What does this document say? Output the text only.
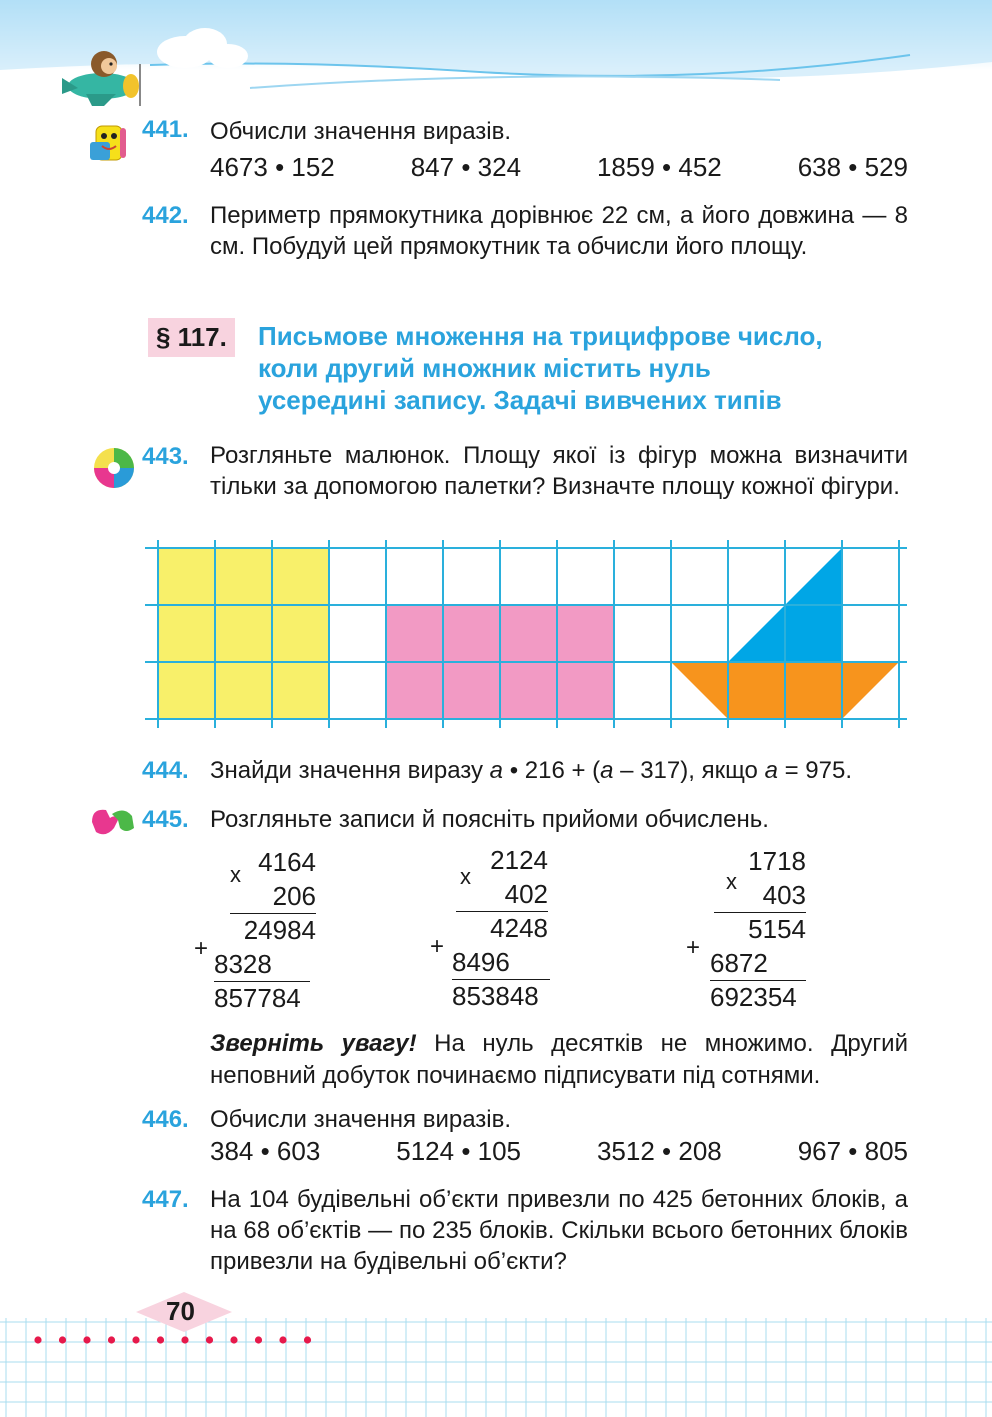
441. Обчисли значення виразів.
4673 • 152	847 • 324	1859 • 452	638 • 529
442. Периметр прямокутника дорівнює 22 см, а його довжина — 8 см. Побудуй цей прямокутник та обчисли його площу.
§ 117.	Письмове множення на трицифрове число,
коли другий множник містить нуль
усередині запису. Задачі вивчених типів
443. Розгляньте малюнок. Площу якої із фігур можна визначити тільки за допомогою палетки? Визначте площу кожної фігури.
444. Знайди значення виразу а • 216 + (а – 317), якщо а = 975.
445. Розгляньте записи й поясніть прийоми обчислень.
x 4164
206
24984
+
8328
857784
x
2124
402
4248
+
8496
853848
x
1718
403
5154
+
6872
692354
Зверніть увагу! На нуль десятків не множимо. Другий неповний добуток починаємо підписувати під сотнями.
446. Обчисли значення виразів.
384 • 603	5124 • 105	3512 • 208	967 • 805
447. На 104 будівельні об’єкти привезли по 425 бетонних блоків, а на 68 об’єктів — по 235 блоків. Скільки всього бетонних блоків привезли на будівельні об’єкти?
70
